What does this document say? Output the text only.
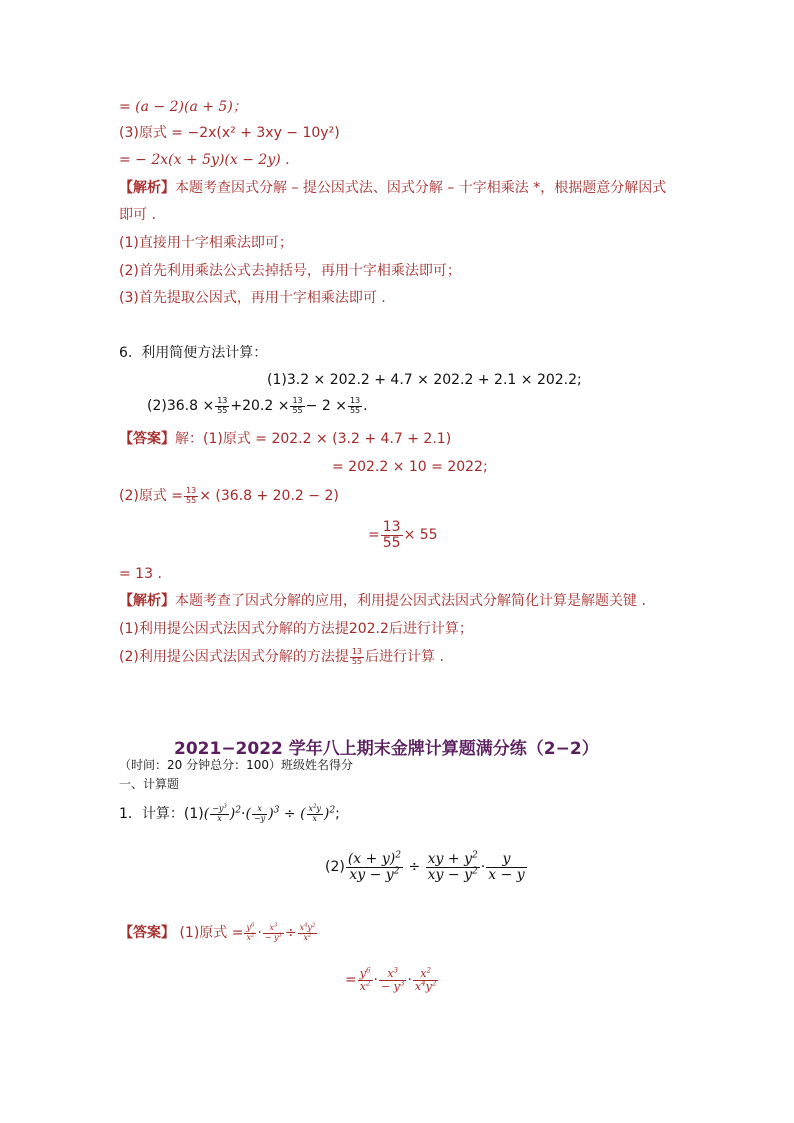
= (a − 2)(a + 5)；
(3)原式 = −2x(x² + 3xy − 10y²)
= − 2x(x + 5y)(x − 2y) .
【解析】本题考查因式分解 – 提公因式法、因式分解 – 十字相乘法 *，根据题意分解因式
即可 .
(1)直接用十字相乘法即可；
(2)首先利用乘法公式去掉括号，再用十字相乘法即可；
(3)首先提取公因式，再用十字相乘法即可 .
6. 利用简便方法计算：
(1)3.2 × 202.2 + 4.7 × 202.2 + 2.1 × 202.2;
$(2)36.8 \times \frac{13}{55} +20.2 \times \frac{13}{55} - 2 \times \frac{13}{55}$ .
【答案】解：(1)原式 = 202.2 × (3.2 + 4.7 + 2.1)
= 202.2 × 10 = 2022;
(2)原式 = $\frac{13}{55} \times (36.8 + 20.2 - 2)$
= $\frac{13}{55} \times 55$
= 13 .
【解析】本题考查了因式分解的应用，利用提公因式法因式分解简化计算是解题关键 .
(1)利用提公因式法因式分解的方法提202.2后进行计算；
(2)利用提公因式法因式分解的方法提 $\frac{13}{55}$ 后进行计算 .
2021−2022 学年八上期末金牌计算题满分练（2−2）
（时间：20 分钟总分：100）班级姓名得分
一、计算题
1．计算：$(1)( \frac{-y^3}{x} )^2\cdot( \frac{x}{-y} )^3$ ÷ ( $\frac{x^2y}{x} )^2$;
$(2) \frac{(x + y)^2}{xy - y^2} \div \frac{xy + y^2}{xy - y^2} \cdot \frac{y}{x - y}$
【答案】 (1)原式 = $\frac{y^6}{x^2} \cdot \frac{x^3}{- y^3} \div \frac{x^4y^2}{x^2}$
= $\frac{y^6}{x^2} \cdot \frac{x^3}{- y^3} \cdot \frac{x^2}{x^4y^2}$
